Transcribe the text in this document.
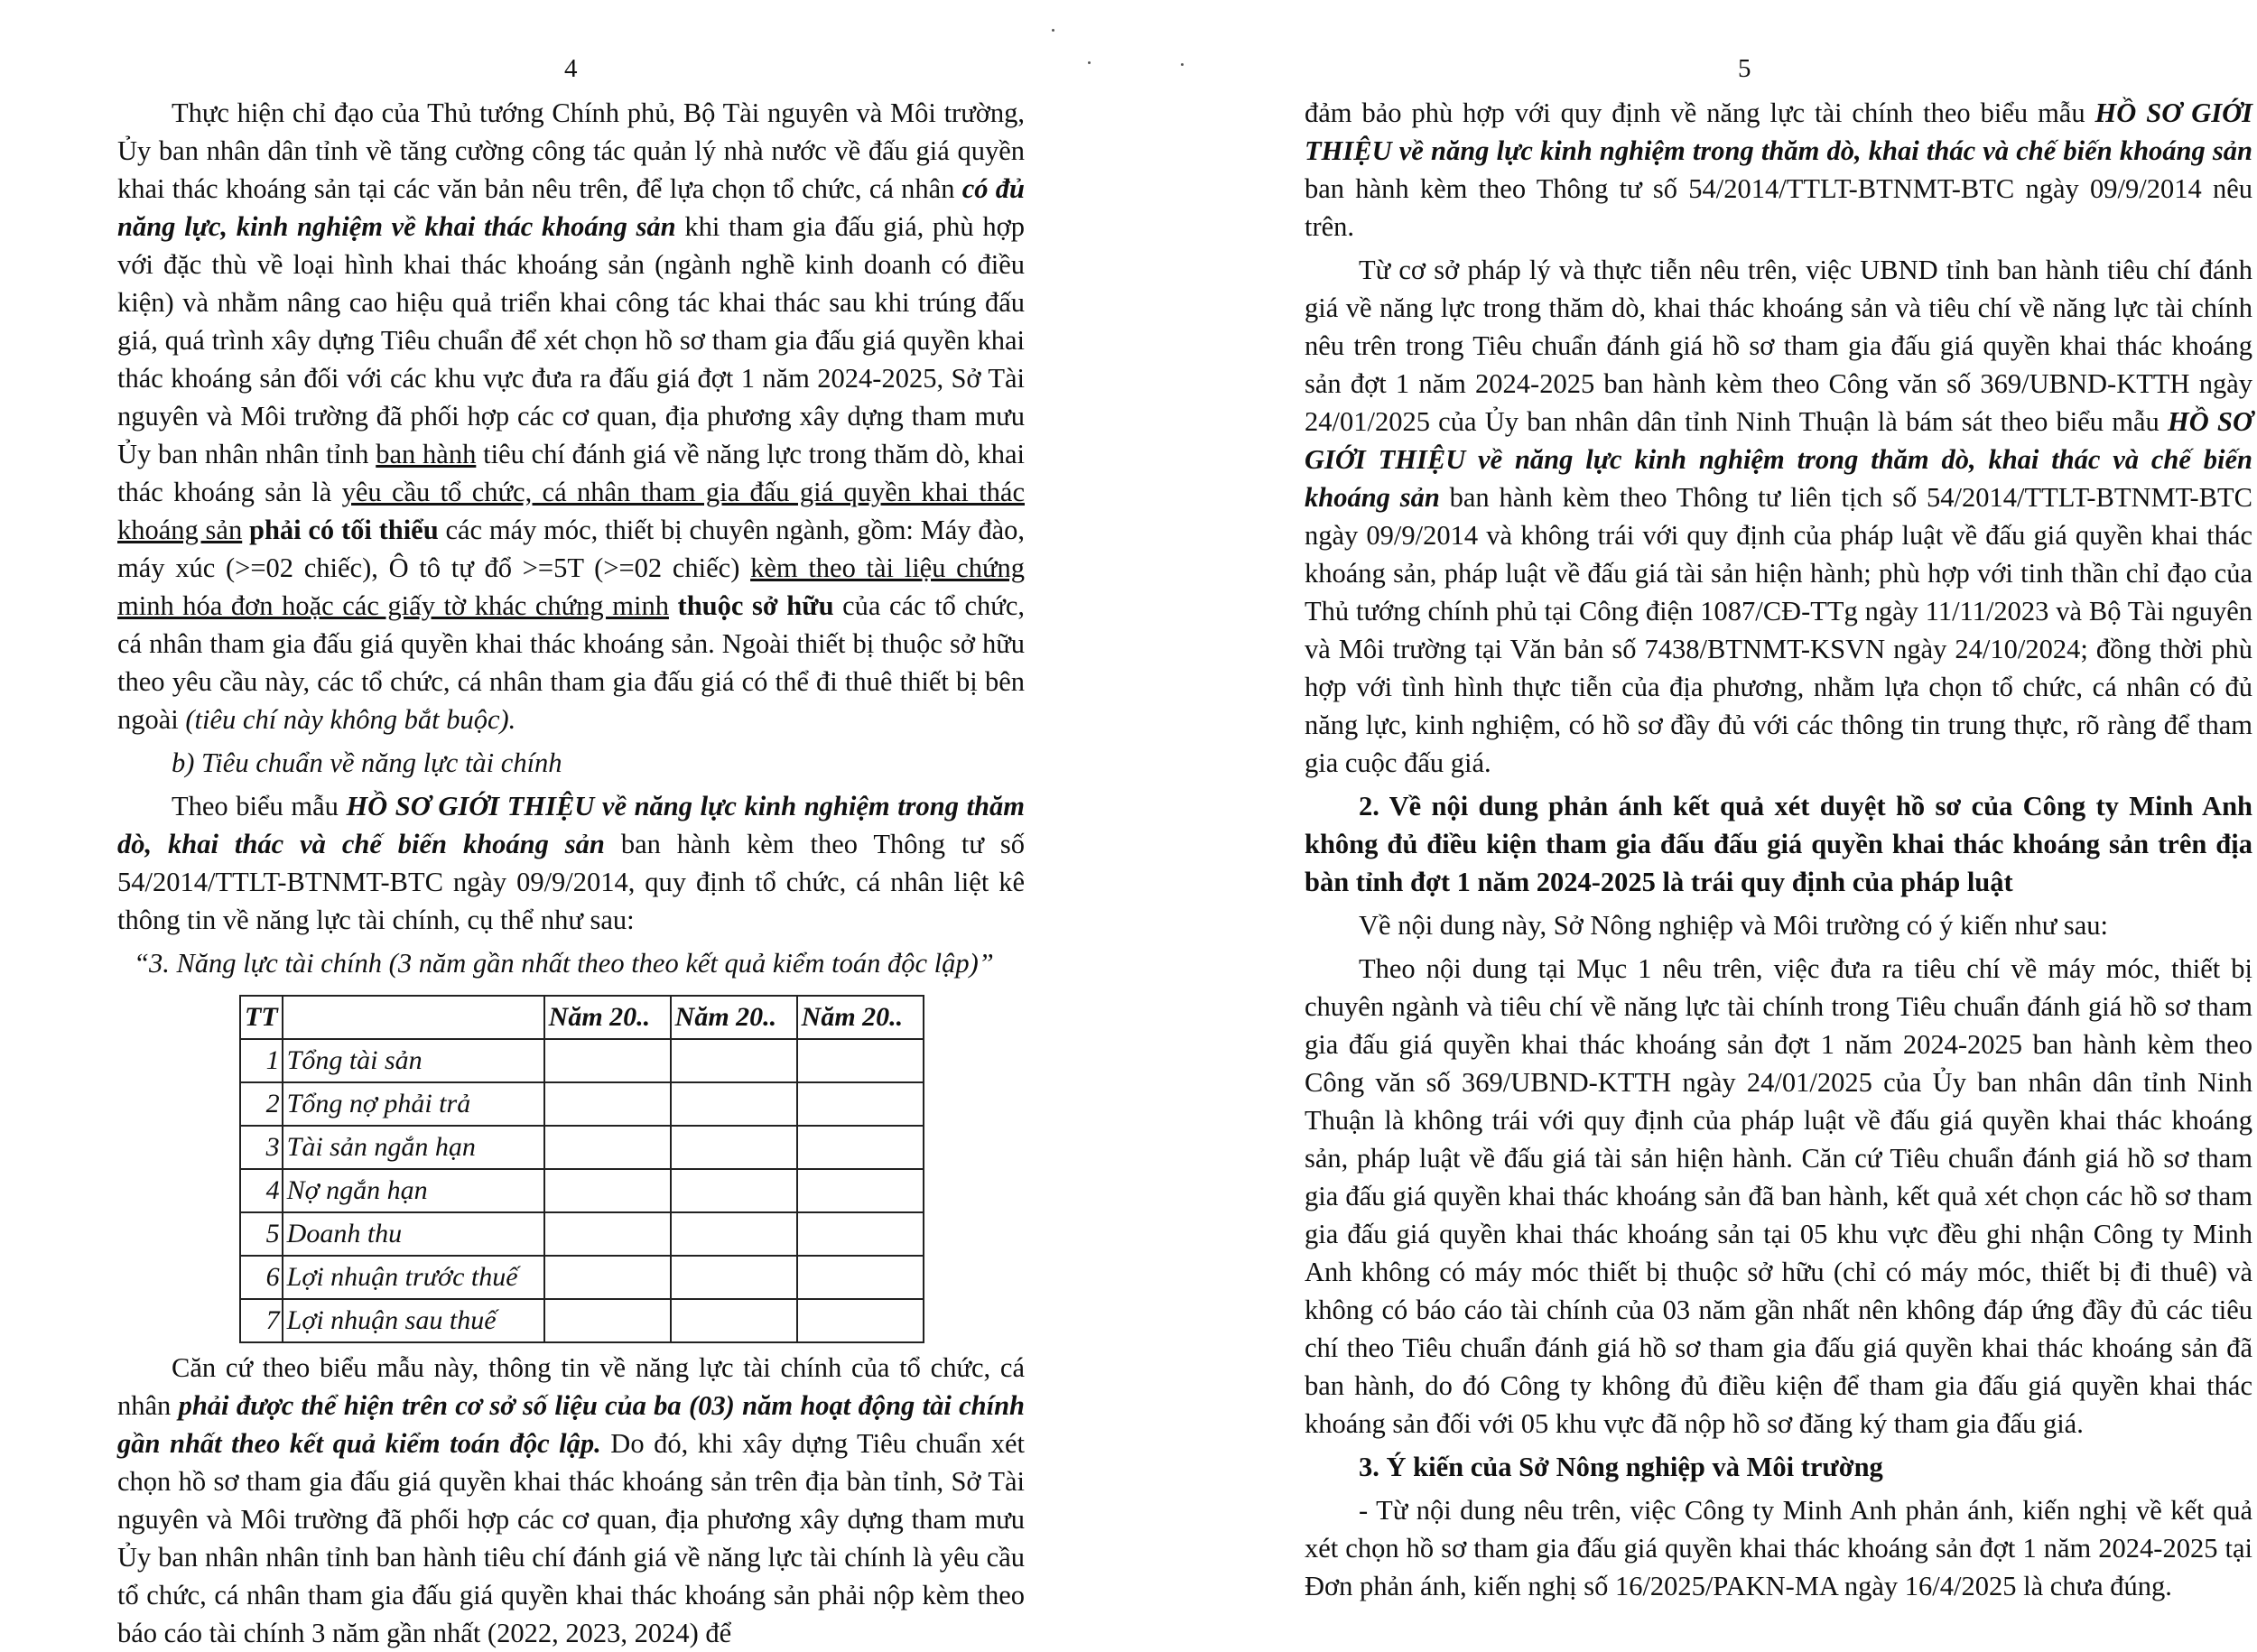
4

Thực hiện chỉ đạo của Thủ tướng Chính phủ, Bộ Tài nguyên và Môi trường, Ủy ban nhân dân tỉnh về tăng cường công tác quản lý nhà nước về đấu giá quyền khai thác khoáng sản tại các văn bản nêu trên, để lựa chọn tổ chức, cá nhân có đủ năng lực, kinh nghiệm về khai thác khoáng sản khi tham gia đấu giá, phù hợp với đặc thù về loại hình khai thác khoáng sản (ngành nghề kinh doanh có điều kiện) và nhằm nâng cao hiệu quả triển khai công tác khai thác sau khi trúng đấu giá, quá trình xây dựng Tiêu chuẩn để xét chọn hồ sơ tham gia đấu giá quyền khai thác khoáng sản đối với các khu vực đưa ra đấu giá đợt 1 năm 2024-2025, Sở Tài nguyên và Môi trường đã phối hợp các cơ quan, địa phương xây dựng tham mưu Ủy ban nhân nhân tỉnh ban hành tiêu chí đánh giá về năng lực trong thăm dò, khai thác khoáng sản là yêu cầu tổ chức, cá nhân tham gia đấu giá quyền khai thác khoáng sản phải có tối thiểu các máy móc, thiết bị chuyên ngành, gồm: Máy đào, máy xúc (>=02 chiếc), Ô tô tự đổ >=5T (>=02 chiếc) kèm theo tài liệu chứng minh hóa đơn hoặc các giấy tờ khác chứng minh thuộc sở hữu của các tổ chức, cá nhân tham gia đấu giá quyền khai thác khoáng sản. Ngoài thiết bị thuộc sở hữu theo yêu cầu này, các tổ chức, cá nhân tham gia đấu giá có thể đi thuê thiết bị bên ngoài (tiêu chí này không bắt buộc).

b) Tiêu chuẩn về năng lực tài chính

Theo biểu mẫu HỒ SƠ GIỚI THIỆU về năng lực kinh nghiệm trong thăm dò, khai thác và chế biến khoáng sản ban hành kèm theo Thông tư số 54/2014/TTLT-BTNMT-BTC ngày 09/9/2014, quy định tổ chức, cá nhân liệt kê thông tin về năng lực tài chính, cụ thể như sau:

“3. Năng lực tài chính (3 năm gần nhất theo theo kết quả kiểm toán độc lập)”

TT		Năm 20..	Năm 20..	Năm 20..
1	Tổng tài sản			
2	Tổng nợ phải trả			
3	Tài sản ngắn hạn			
4	Nợ ngắn hạn			
5	Doanh thu			
6	Lợi nhuận trước thuế			
7	Lợi nhuận sau thuế			

Căn cứ theo biểu mẫu này, thông tin về năng lực tài chính của tổ chức, cá nhân phải được thể hiện trên cơ sở số liệu của ba (03) năm hoạt động tài chính gần nhất theo kết quả kiểm toán độc lập. Do đó, khi xây dựng Tiêu chuẩn xét chọn hồ sơ tham gia đấu giá quyền khai thác khoáng sản trên địa bàn tỉnh, Sở Tài nguyên và Môi trường đã phối hợp các cơ quan, địa phương xây dựng tham mưu Ủy ban nhân nhân tỉnh ban hành tiêu chí đánh giá về năng lực tài chính là yêu cầu tổ chức, cá nhân tham gia đấu giá quyền khai thác khoáng sản phải nộp kèm theo báo cáo tài chính 3 năm gần nhất (2022, 2023, 2024) để

5

đảm bảo phù hợp với quy định về năng lực tài chính theo biểu mẫu HỒ SƠ GIỚI THIỆU về năng lực kinh nghiệm trong thăm dò, khai thác và chế biến khoáng sản ban hành kèm theo Thông tư số 54/2014/TTLT-BTNMT-BTC ngày 09/9/2014 nêu trên.

Từ cơ sở pháp lý và thực tiễn nêu trên, việc UBND tỉnh ban hành tiêu chí đánh giá về năng lực trong thăm dò, khai thác khoáng sản và tiêu chí về năng lực tài chính nêu trên trong Tiêu chuẩn đánh giá hồ sơ tham gia đấu giá quyền khai thác khoáng sản đợt 1 năm 2024-2025 ban hành kèm theo Công văn số 369/UBND-KTTH ngày 24/01/2025 của Ủy ban nhân dân tỉnh Ninh Thuận là bám sát theo biểu mẫu HỒ SƠ GIỚI THIỆU về năng lực kinh nghiệm trong thăm dò, khai thác và chế biến khoáng sản ban hành kèm theo Thông tư liên tịch số 54/2014/TTLT-BTNMT-BTC ngày 09/9/2014 và không trái với quy định của pháp luật về đấu giá quyền khai thác khoáng sản, pháp luật về đấu giá tài sản hiện hành; phù hợp với tinh thần chỉ đạo của Thủ tướng chính phủ tại Công điện 1087/CĐ-TTg ngày 11/11/2023 và Bộ Tài nguyên và Môi trường tại Văn bản số 7438/BTNMT-KSVN ngày 24/10/2024; đồng thời phù hợp với tình hình thực tiễn của địa phương, nhằm lựa chọn tổ chức, cá nhân có đủ năng lực, kinh nghiệm, có hồ sơ đầy đủ với các thông tin trung thực, rõ ràng để tham gia cuộc đấu giá.

2. Về nội dung phản ánh kết quả xét duyệt hồ sơ của Công ty Minh Anh không đủ điều kiện tham gia đấu đấu giá quyền khai thác khoáng sản trên địa bàn tỉnh đợt 1 năm 2024-2025 là trái quy định của pháp luật

Về nội dung này, Sở Nông nghiệp và Môi trường có ý kiến như sau:

Theo nội dung tại Mục 1 nêu trên, việc đưa ra tiêu chí về máy móc, thiết bị chuyên ngành và tiêu chí về năng lực tài chính trong Tiêu chuẩn đánh giá hồ sơ tham gia đấu giá quyền khai thác khoáng sản đợt 1 năm 2024-2025 ban hành kèm theo Công văn số 369/UBND-KTTH ngày 24/01/2025 của Ủy ban nhân dân tỉnh Ninh Thuận là không trái với quy định của pháp luật về đấu giá quyền khai thác khoáng sản, pháp luật về đấu giá tài sản hiện hành. Căn cứ Tiêu chuẩn đánh giá hồ sơ tham gia đấu giá quyền khai thác khoáng sản đã ban hành, kết quả xét chọn các hồ sơ tham gia đấu giá quyền khai thác khoáng sản tại 05 khu vực đều ghi nhận Công ty Minh Anh không có máy móc thiết bị thuộc sở hữu (chỉ có máy móc, thiết bị đi thuê) và không có báo cáo tài chính của 03 năm gần nhất nên không đáp ứng đầy đủ các tiêu chí theo Tiêu chuẩn đánh giá hồ sơ tham gia đấu giá quyền khai thác khoáng sản đã ban hành, do đó Công ty không đủ điều kiện để tham gia đấu giá quyền khai thác khoáng sản đối với 05 khu vực đã nộp hồ sơ đăng ký tham gia đấu giá.

3. Ý kiến của Sở Nông nghiệp và Môi trường

- Từ nội dung nêu trên, việc Công ty Minh Anh phản ánh, kiến nghị về kết quả xét chọn hồ sơ tham gia đấu giá quyền khai thác khoáng sản đợt 1 năm 2024-2025 tại Đơn phản ánh, kiến nghị số 16/2025/PAKN-MA ngày 16/4/2025 là chưa đúng.
